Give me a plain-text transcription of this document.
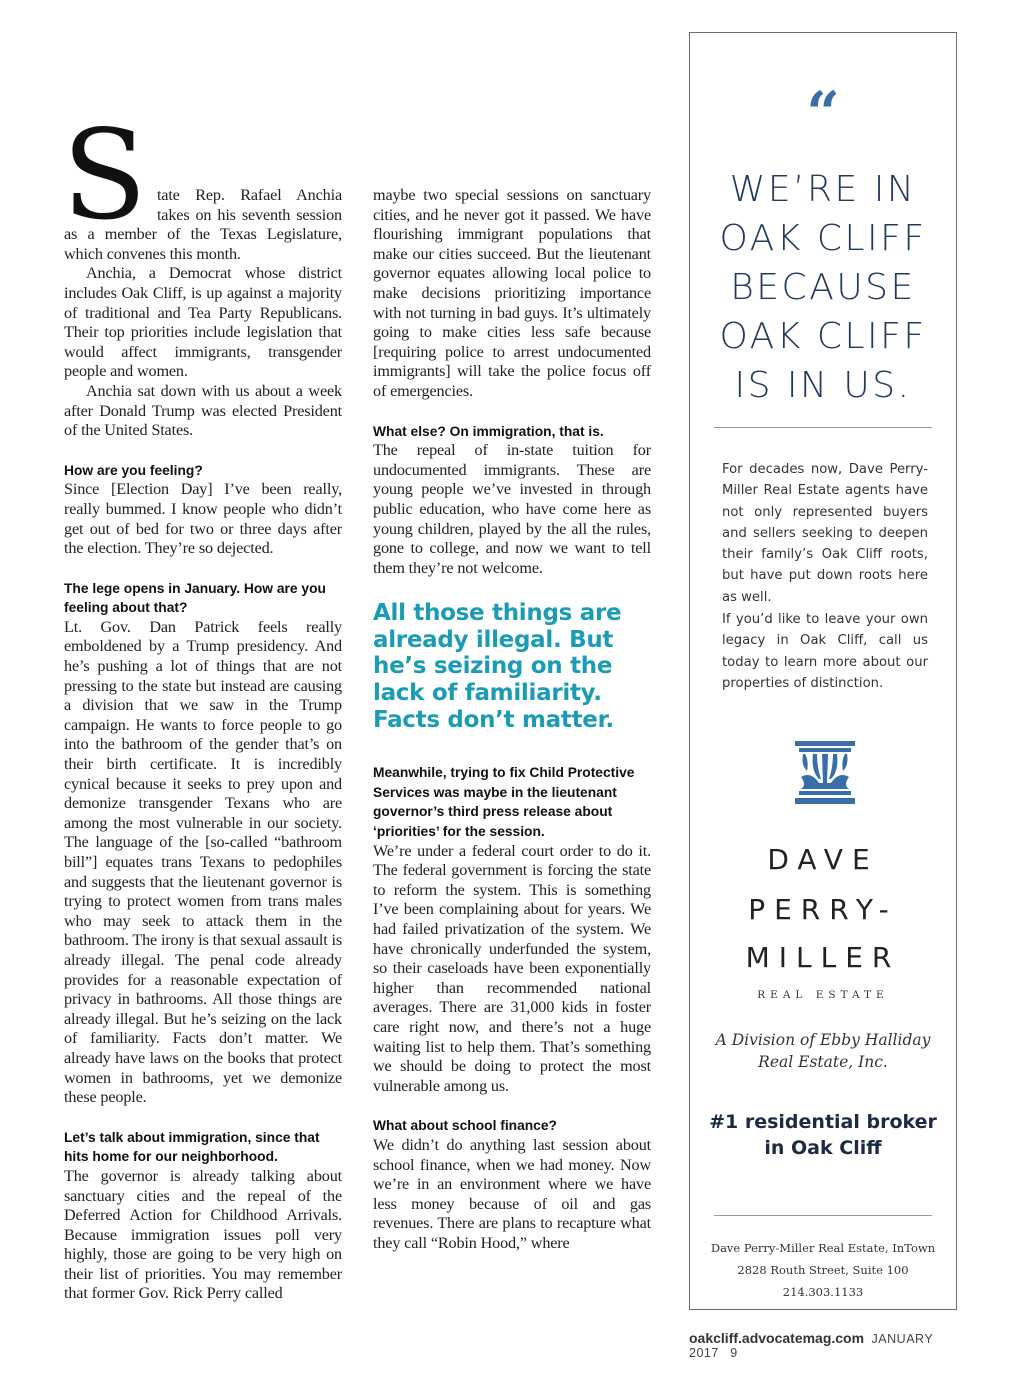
S tate Rep. Rafael Anchia takes on his seventh session as a member of the Texas Legislature, which convenes this month.

Anchia, a Democrat whose district includes Oak Cliff, is up against a majority of traditional and Tea Party Republicans. Their top priorities include legislation that would affect immigrants, transgender people and women.

Anchia sat down with us about a week after Donald Trump was elected President of the United States.

How are you feeling?

Since [Election Day] I’ve been really, really bummed. I know people who didn’t get out of bed for two or three days after the election. They’re so dejected.

The lege opens in January. How are you feeling about that?

Lt. Gov. Dan Patrick feels really emboldened by a Trump presidency. And he’s pushing a lot of things that are not pressing to the state but instead are causing a division that we saw in the Trump campaign. He wants to force people to go into the bathroom of the gender that’s on their birth certificate. It is incredibly cynical because it seeks to prey upon and demonize transgender Texans who are among the most vulnerable in our society. The language of the [so-called “bathroom bill”] equates trans Texans to pedophiles and suggests that the lieutenant governor is trying to protect women from trans males who may seek to attack them in the bathroom. The irony is that sexual assault is already illegal. The penal code already provides for a reasonable expectation of privacy in bathrooms. All those things are already illegal. But he’s seizing on the lack of familiarity. Facts don’t matter. We already have laws on the books that protect women in bathrooms, yet we demonize these people.

Let’s talk about immigration, since that hits home for our neighborhood.

The governor is already talking about sanctuary cities and the repeal of the Deferred Action for Childhood Arrivals. Because immigration issues poll very highly, those are going to be very high on their list of priorities. You may remember that former Gov. Rick Perry called

maybe two special sessions on sanctuary cities, and he never got it passed. We have flourishing immigrant populations that make our cities succeed. But the lieutenant governor equates allowing local police to make decisions prioritizing importance with not turning in bad guys. It’s ultimately going to make cities less safe because [requiring police to arrest undocumented immigrants] will take the police focus off of emergencies.

What else? On immigration, that is.

The repeal of in-state tuition for undocumented immigrants. These are young people we’ve invested in through public education, who have come here as young children, played by the all the rules, gone to college, and now we want to tell them they’re not welcome.

All those things are already illegal. But he’s seizing on the lack of familiarity. Facts don’t matter.

Meanwhile, trying to fix Child Protective Services was maybe in the lieutenant governor’s third press release about ‘priorities’ for the session.

We’re under a federal court order to do it. The federal government is forcing the state to reform the system. This is something I’ve been complaining about for years. We had failed privatization of the system. We have chronically underfunded the system, so their caseloads have been exponentially higher than recommended national averages. There are 31,000 kids in foster care right now, and there’s not a huge waiting list to help them. That’s something we should be doing to protect the most vulnerable among us.

What about school finance?

We didn’t do anything last session about school finance, when we had money. Now we’re in an environment where we have less money because of oil and gas revenues. There are plans to recapture what they call “Robin Hood,” where

“
WE’RE IN
OAK CLIFF
BECAUSE
OAK CLIFF
IS IN US.
For decades now, Dave Perry-Miller Real Estate agents have not only represented buyers and sellers seeking to deepen their family’s Oak Cliff roots, but have put down roots here as well.
If you’d like to leave your own legacy in Oak Cliff, call us today to learn more about our properties of distinction.
DAVE
PERRY-
MILLER
REAL ESTATE
A Division of Ebby Halliday
Real Estate, Inc.
#1 residential broker
in Oak Cliff
Dave Perry-Miller Real Estate, InTown
2828 Routh Street, Suite 100
214.303.1133
oakcliff.advocatemag.com JANUARY 2017 9
